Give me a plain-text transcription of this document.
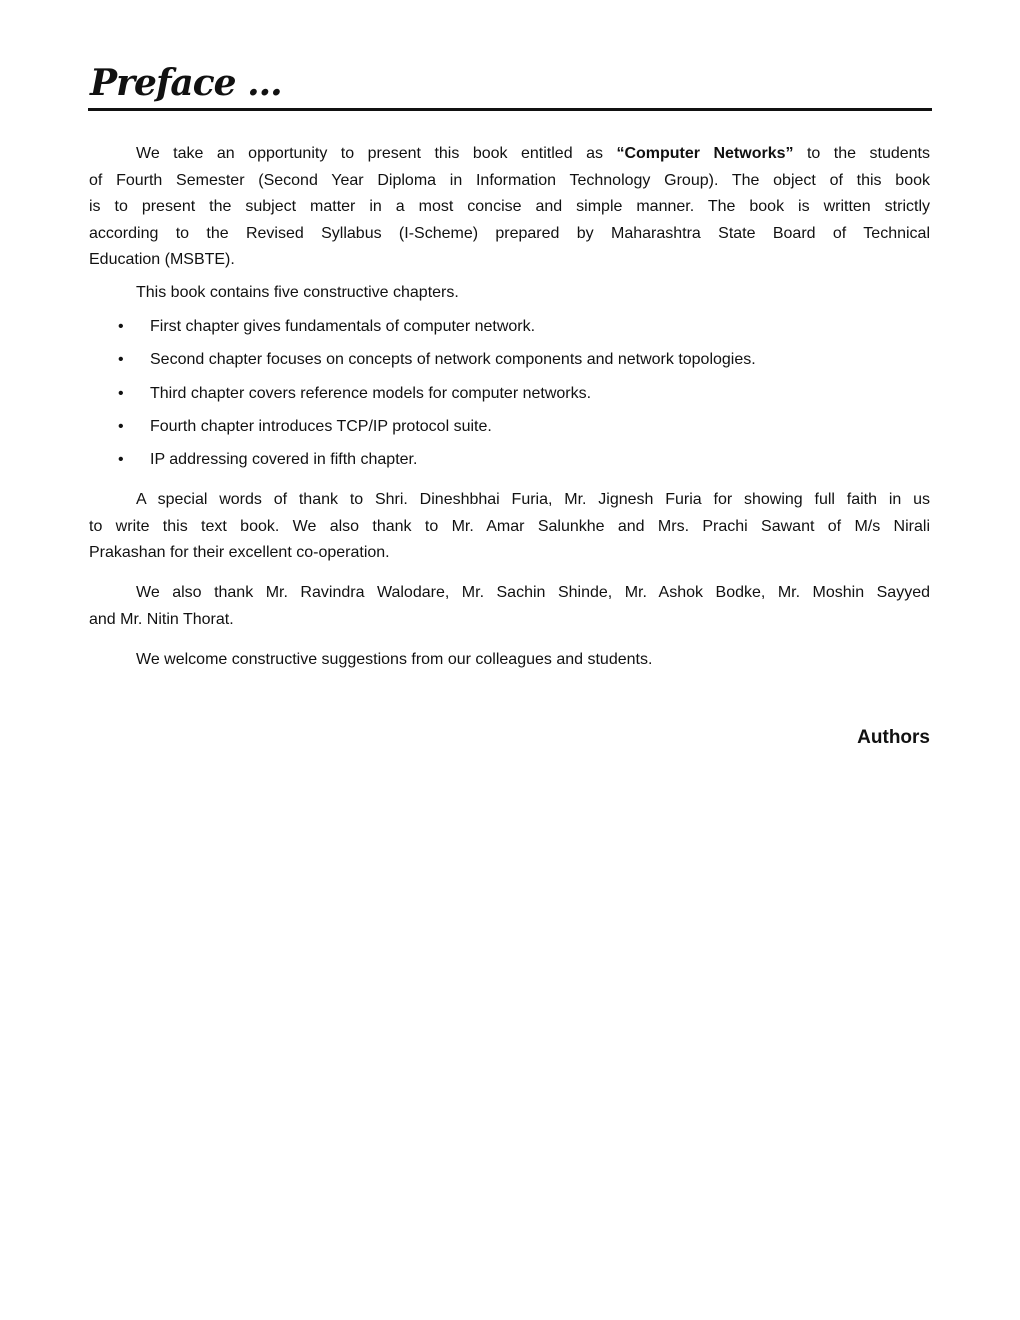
Preface ...
We take an opportunity to present this book entitled as “Computer Networks” to the students
of Fourth Semester (Second Year Diploma in Information Technology Group). The object of this book
is to present the subject matter in a most concise and simple manner. The book is written strictly
according to the Revised Syllabus (I-Scheme) prepared by Maharashtra State Board of Technical
Education (MSBTE).
This book contains five constructive chapters.
•	First chapter gives fundamentals of computer network.
•	Second chapter focuses on concepts of network components and network topologies.
•	Third chapter covers reference models for computer networks.
•	Fourth chapter introduces TCP/IP protocol suite.
•	IP addressing covered in fifth chapter.
A special words of thank to Shri. Dineshbhai Furia, Mr. Jignesh Furia for showing full faith in us
to write this text book. We also thank to Mr. Amar Salunkhe and Mrs. Prachi Sawant of M/s Nirali
Prakashan for their excellent co-operation.
We also thank Mr. Ravindra Walodare, Mr. Sachin Shinde, Mr. Ashok Bodke, Mr. Moshin Sayyed
and Mr. Nitin Thorat.
We welcome constructive suggestions from our colleagues and students.
Authors
